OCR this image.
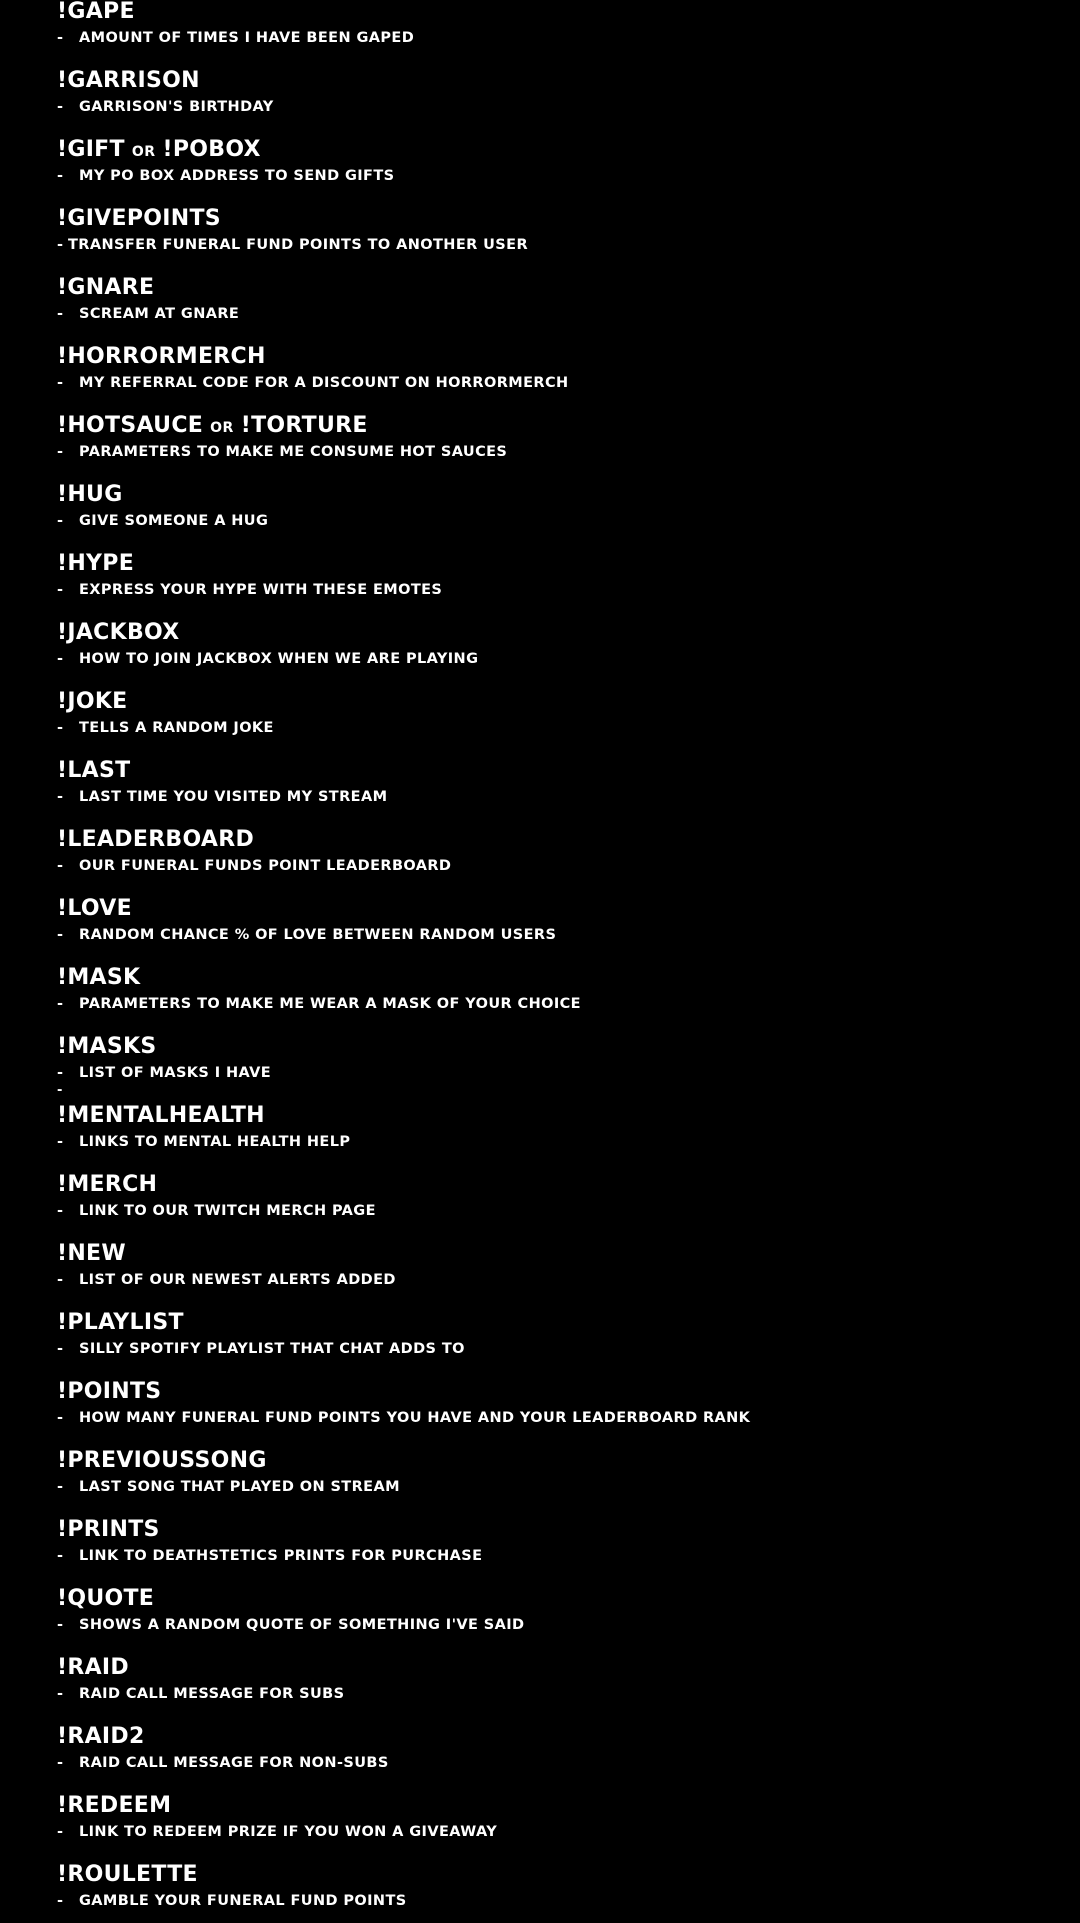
!GAPE
- AMOUNT OF TIMES I HAVE BEEN GAPED
!GARRISON
- GARRISON'S BIRTHDAY
!GIFT OR !POBOX
- MY PO BOX ADDRESS TO SEND GIFTS
!GIVEPOINTS
- TRANSFER FUNERAL FUND POINTS TO ANOTHER USER
!GNARE
- SCREAM AT GNARE
!HORRORMERCH
- MY REFERRAL CODE FOR A DISCOUNT ON HORRORMERCH
!HOTSAUCE OR !TORTURE
- PARAMETERS TO MAKE ME CONSUME HOT SAUCES
!HUG
- GIVE SOMEONE A HUG
!HYPE
- EXPRESS YOUR HYPE WITH THESE EMOTES
!JACKBOX
- HOW TO JOIN JACKBOX WHEN WE ARE PLAYING
!JOKE
- TELLS A RANDOM JOKE
!LAST
- LAST TIME YOU VISITED MY STREAM
!LEADERBOARD
- OUR FUNERAL FUNDS POINT LEADERBOARD
!LOVE
- RANDOM CHANCE % OF LOVE BETWEEN RANDOM USERS
!MASK
- PARAMETERS TO MAKE ME WEAR A MASK OF YOUR CHOICE
!MASKS
- LIST OF MASKS I HAVE
-
!MENTALHEALTH
- LINKS TO MENTAL HEALTH HELP
!MERCH
- LINK TO OUR TWITCH MERCH PAGE
!NEW
- LIST OF OUR NEWEST ALERTS ADDED
!PLAYLIST
- SILLY SPOTIFY PLAYLIST THAT CHAT ADDS TO
!POINTS
- HOW MANY FUNERAL FUND POINTS YOU HAVE AND YOUR LEADERBOARD RANK
!PREVIOUSSONG
- LAST SONG THAT PLAYED ON STREAM
!PRINTS
- LINK TO DEATHSTETICS PRINTS FOR PURCHASE
!QUOTE
- SHOWS A RANDOM QUOTE OF SOMETHING I'VE SAID
!RAID
- RAID CALL MESSAGE FOR SUBS
!RAID2
- RAID CALL MESSAGE FOR NON-SUBS
!REDEEM
- LINK TO REDEEM PRIZE IF YOU WON A GIVEAWAY
!ROULETTE
- GAMBLE YOUR FUNERAL FUND POINTS
